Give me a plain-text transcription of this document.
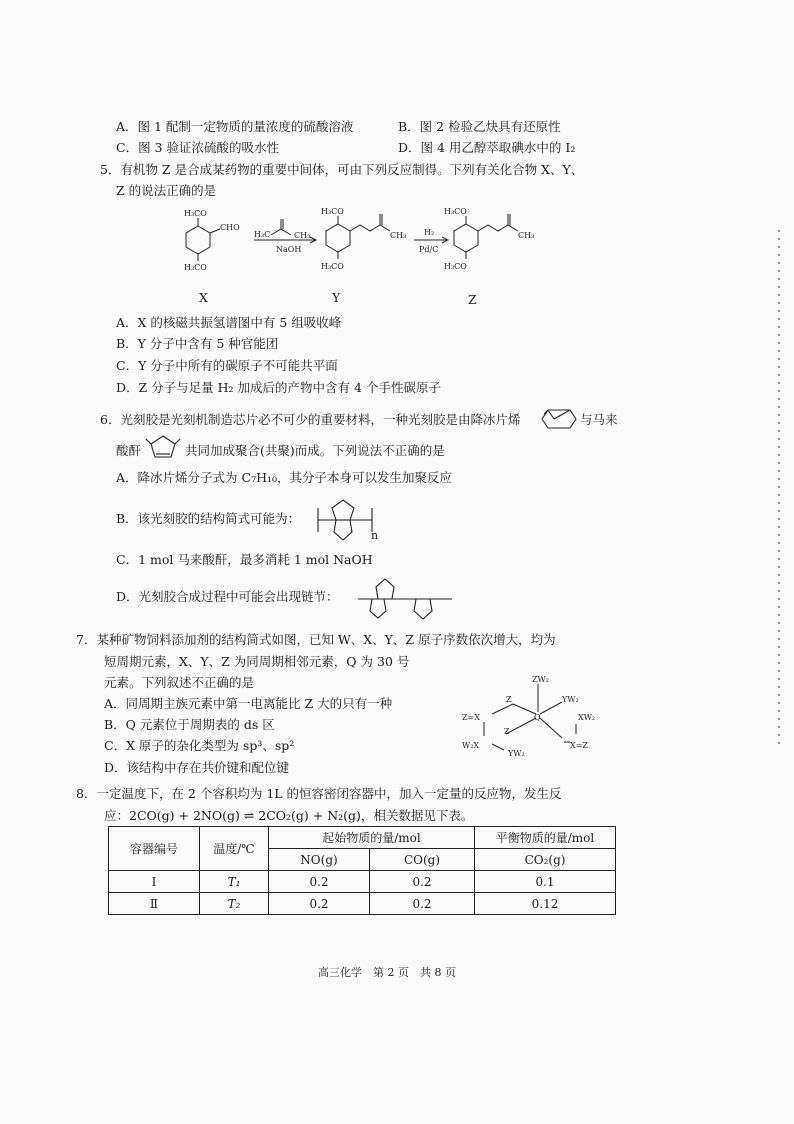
A．图 1 配制一定物质的量浓度的硫酸溶液	B．图 2 检验乙炔具有还原性
C．图 3 验证浓硫酸的吸水性	D．图 4 用乙醇萃取碘水中的 I₂
5．有机物 Z 是合成某药物的重要中间体，可由下列反应制得。下列有关化合物 X、Y、
Z 的说法正确的是
H₃CO
CHO
H₃CO
H₃C	CH₃
NaOH
H₃CO
H₃CO
CH₃ H₂
Pd/C
H₃CO
H₃CO
CH₃
X	Y	Z
A．X 的核磁共振氢谱图中有 5 组吸收峰
B．Y 分子中含有 5 种官能团
C．Y 分子中所有的碳原子不可能共平面
D．Z 分子与足量 H₂ 加成后的产物中含有 4 个手性碳原子
6．光刻胶是光刻机制造芯片必不可少的重要材料，一种光刻胶是由降冰片烯	与马来
酸酐	共同加成聚合(共聚)而成。下列说法不正确的是
A．降冰片烯分子式为 C₇H₁₀，其分子本身可以发生加聚反应
B．该光刻胶的结构简式可能为：
n
C．1 mol 马来酸酐，最多消耗 1 mol NaOH
D．光刻胶合成过程中可能会出现链节：
7．某种矿物饲料添加剂的结构简式如图，已知 W、X、Y、Z 原子序数依次增大，均为
短周期元素，X、Y、Z 为同周期相邻元素，Q 为 30 号
元素。下列叙述不正确的是
A．同周期主族元素中第一电离能比 Z 大的只有一种
B．Q 元素位于周期表的 ds 区
C．X 原子的杂化类型为 sp³、sp²
D．该结构中存在共价键和配位键
ZW₂
YW₂
Z
Z=X	Q	XW₂
Z
W₂X
YW₂
X=Z
8．一定温度下，在 2 个容积均为 1L 的恒容密闭容器中，加入一定量的反应物，发生反
应：2CO(g) + 2NO(g) ⇌ 2CO₂(g) + N₂(g)，相关数据见下表。
容器编号	温度/℃	起始物质的量/mol		平衡物质的量/mol
		NO(g)	CO(g)	CO₂(g)
Ⅰ	T₁	0.2	0.2	0.1
Ⅱ	T₂	0.2	0.2	0.12
高三化学　第 2 页　共 8 页
